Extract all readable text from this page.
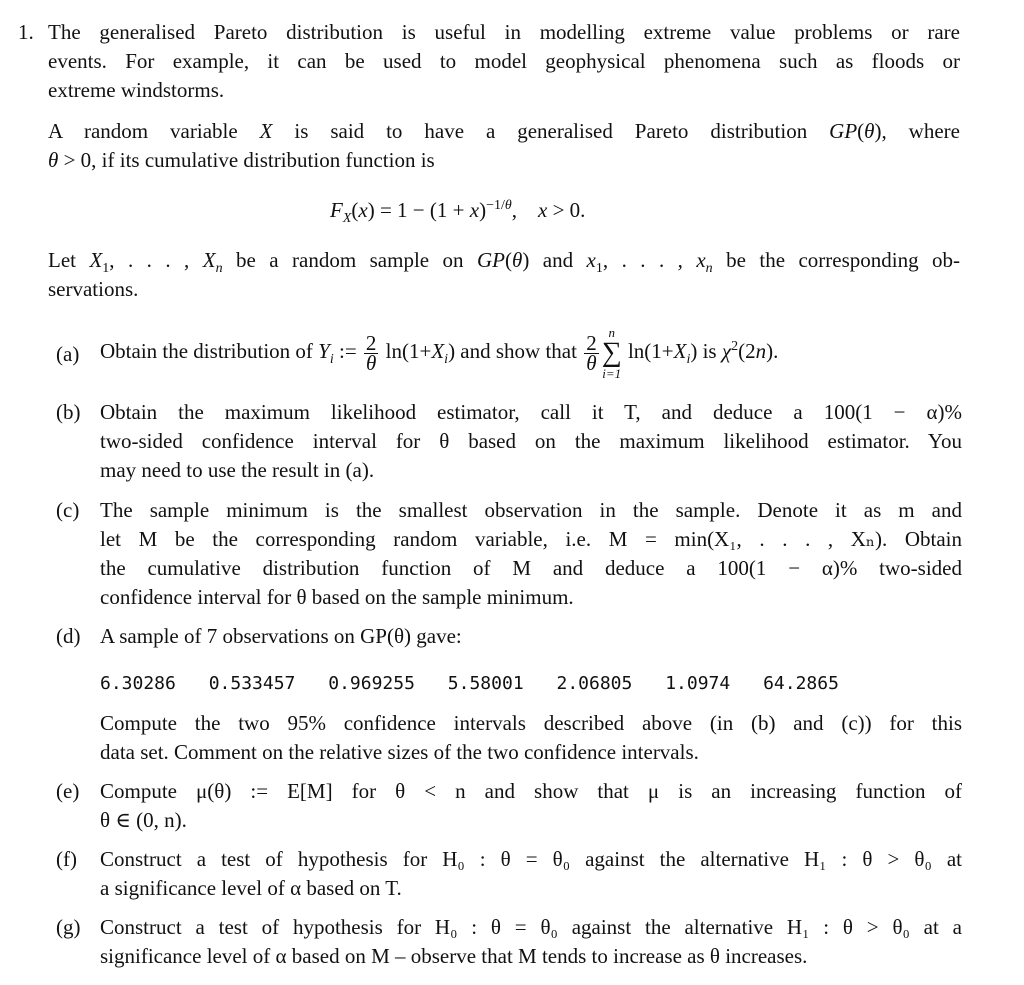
1. The generalised Pareto distribution is useful in modelling extreme value problems or rare
events. For example, it can be used to model geophysical phenomena such as floods or
extreme windstorms.
A random variable X is said to have a generalised Pareto distribution GP(θ), where
θ > 0, if its cumulative distribution function is
$F_X(x) = 1 - (1 + x)^{-1/\theta}$,    x > 0.
Let $X_1$, . . . , $X_n$ be a random sample on GP(θ) and $x_1$, . . . , $x_n$ be the corresponding ob-
servations.
(a) Obtain the distribution of $Y_i$ := $\frac{2}{\theta} \ln(1+X_i)$ and show that $\frac{2}{\theta}$
n
∑
i=1
$\ln(1+X_i)$ is $\chi^2(2n)$.
(b) Obtain the maximum likelihood estimator, call it T, and deduce a 100(1 − α)%
two-sided confidence interval for θ based on the maximum likelihood estimator. You
may need to use the result in (a).
(c) The sample minimum is the smallest observation in the sample. Denote it as m and
let M be the corresponding random variable, i.e. M = min(X₁, . . . , Xₙ). Obtain
the cumulative distribution function of M and deduce a 100(1 − α)% two-sided
confidence interval for θ based on the sample minimum.
(d) A sample of 7 observations on GP(θ) gave:
6.30286 0.533457 0.969255 5.58001 2.06805 1.0974 64.2865
Compute the two 95% confidence intervals described above (in (b) and (c)) for this
data set. Comment on the relative sizes of the two confidence intervals.
(e) Compute μ(θ) := E[M] for θ < n and show that μ is an increasing function of
θ ∈ (0, n).
(f)	Construct a test of hypothesis for H₀ : θ = θ₀ against the alternative H₁ : θ > θ₀ at
a significance level of α based on T.
(g) Construct a test of hypothesis for H₀ : θ = θ₀ against the alternative H₁ : θ > θ₀ at a
significance level of α based on M – observe that M tends to increase as θ increases.
